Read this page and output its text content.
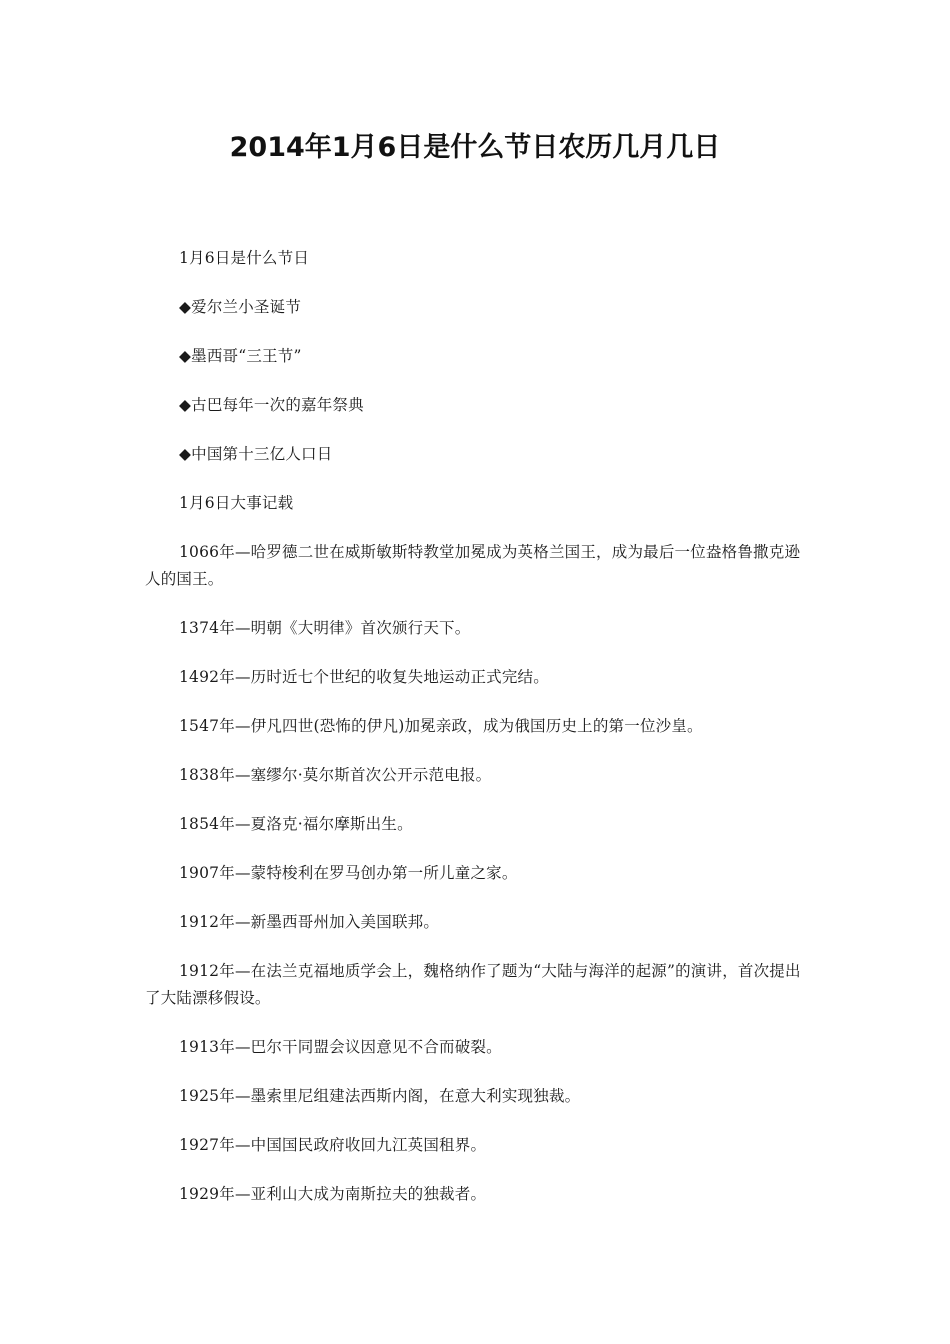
2014年1月6日是什么节日农历几月几日

1月6日是什么节日

◆爱尔兰小圣诞节

◆墨西哥“三王节”

◆古巴每年一次的嘉年祭典

◆中国第十三亿人口日

1月6日大事记载

1066年—哈罗德二世在威斯敏斯特教堂加冕成为英格兰国王，成为最后一位盎格鲁撒克逊人的国王。

1374年—明朝《大明律》首次颁行天下。

1492年—历时近七个世纪的收复失地运动正式完结。

1547年—伊凡四世(恐怖的伊凡)加冕亲政，成为俄国历史上的第一位沙皇。

1838年—塞缪尔·莫尔斯首次公开示范电报。

1854年—夏洛克·福尔摩斯出生。

1907年—蒙特梭利在罗马创办第一所儿童之家。

1912年—新墨西哥州加入美国联邦。

1912年—在法兰克福地质学会上，魏格纳作了题为“大陆与海洋的起源”的演讲，首次提出了大陆漂移假设。

1913年—巴尔干同盟会议因意见不合而破裂。

1925年—墨索里尼组建法西斯内阁，在意大利实现独裁。

1927年—中国国民政府收回九江英国租界。

1929年—亚利山大成为南斯拉夫的独裁者。
